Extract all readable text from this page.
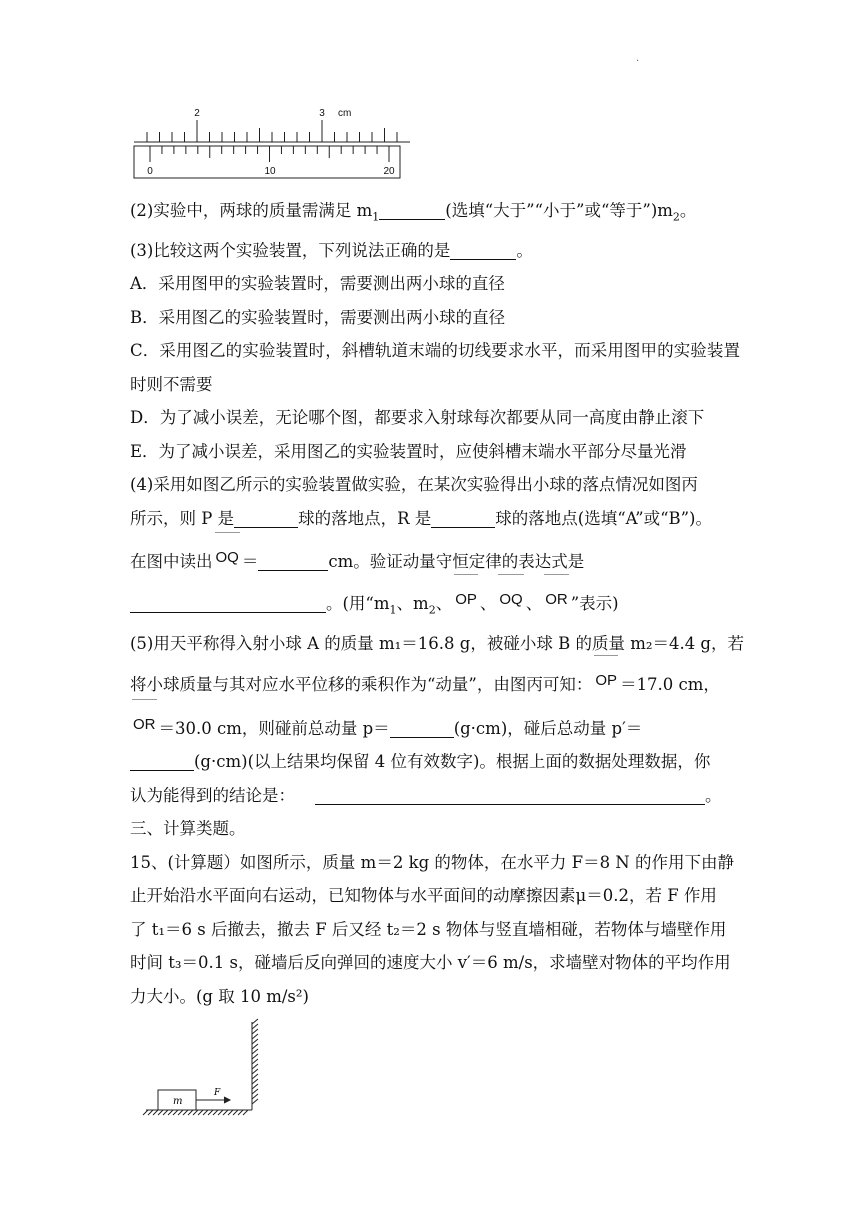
·
2	3 cm
0	10	20

(2)实验中，两球的质量需满足 $m_1$	(选填“大于”“小于”或“等于$”)m_2$。

(3)比较这两个实验装置，下列说法正确的是	。

A．采用图甲的实验装置时，需要测出两小球的直径

B．采用图乙的实验装置时，需要测出两小球的直径

C．采用图乙的实验装置时，斜槽轨道末端的切线要求水平，而采用图甲的实验装置时则不需要

D．为了减小误差，无论哪个图，都要求入射球每次都要从同一高度由静止滚下

E．为了减小误差，采用图乙的实验装置时，应使斜槽末端水平部分尽量光滑

(4)采用如图乙所示的实验装置做实验，在某次实验得出小球的落点情况如图丙

所示，则 P 是	球的落地点，R 是	球的落地点(选填“A”或“B”)。

在图中读出 OQ ＝	cm。验证动量守恒定律的表达式是

。(用“$m_1$、$m_2$、 OP 、 OQ 、 OR ”表示)

(5)用天平称得入射小球 A 的质量 m₁＝16.8 g，被碰小球 B 的质量 m₂＝4.4 g，若

将小球质量与其对应水平位移的乘积作为“动量”，由图丙可知： OP ＝17.0 cm，

OR ＝30.0 cm，则碰前总动量 p＝	(g·cm)，碰后总动量 p′＝

(g·cm)(以上结果均保留 4 位有效数字)。根据上面的数据处理数据，你

认为能得到的结论是：	。

三、计算类题。

15、(计算题）如图所示，质量 m＝2 kg 的物体，在水平力 F＝8 N 的作用下由静

止开始沿水平面向右运动，已知物体与水平面间的动摩擦因素μ＝0.2，若 F 作用

了 t₁＝6 s 后撤去，撤去 F 后又经 t₂＝2 s 物体与竖直墙相碰，若物体与墙壁作用

时间 t₃＝0.1 s，碰墙后反向弹回的速度大小 v′＝6 m/s，求墙壁对物体的平均作用

力大小。(g 取 10 m/s²)

m
F
